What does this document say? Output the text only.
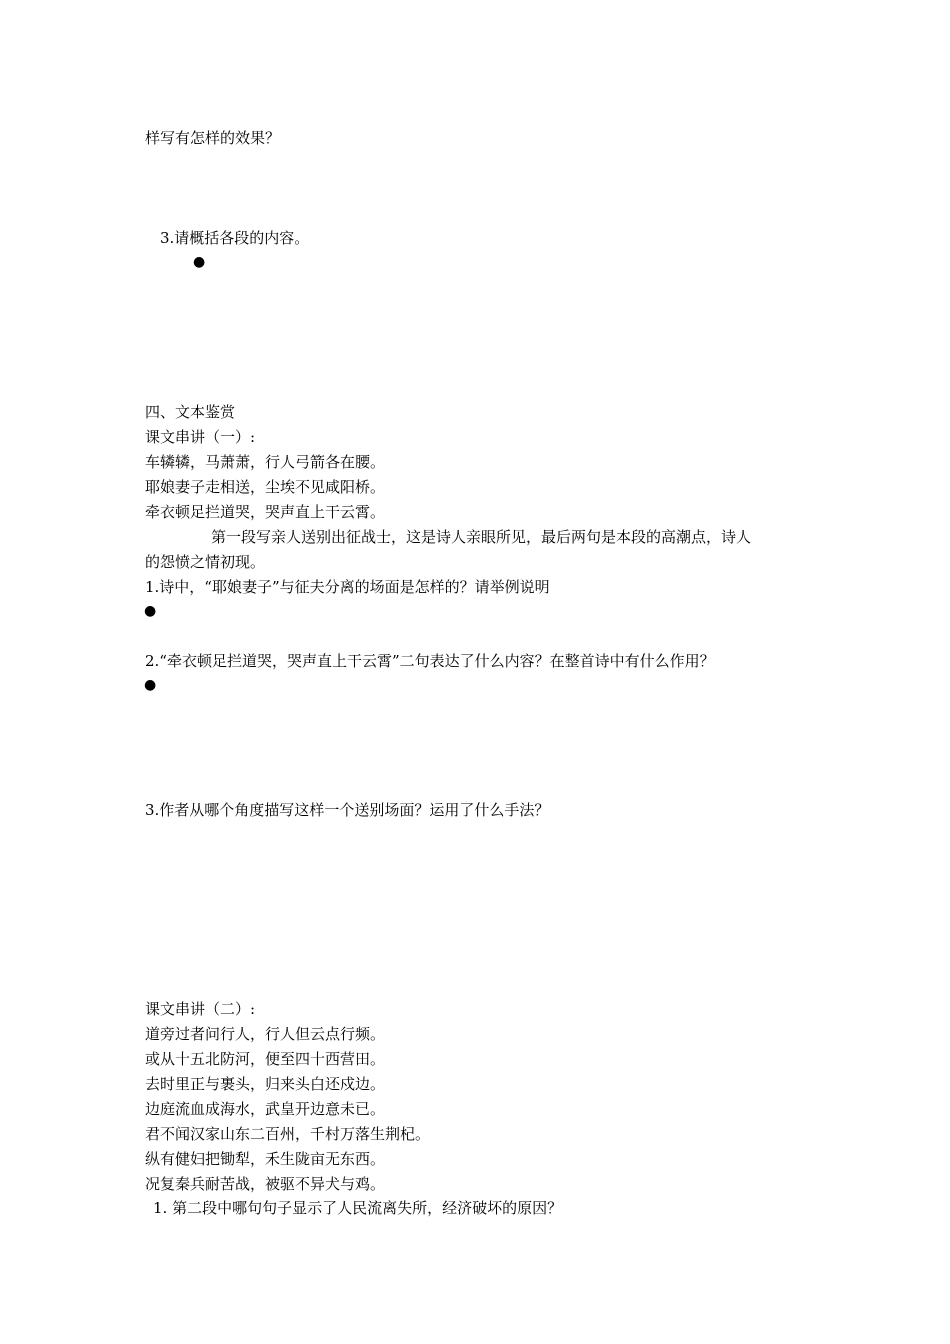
样写有怎样的效果？
3.请概括各段的内容。
●
四、文本鉴赏
课文串讲（一）:
车辚辚，马萧萧，行人弓箭各在腰。
耶娘妻子走相送，尘埃不见咸阳桥。
牵衣顿足拦道哭，哭声直上干云霄。
第一段写亲人送别出征战士，这是诗人亲眼所见，最后两句是本段的高潮点，诗人
的怨愤之情初现。
1.诗中，“耶娘妻子”与征夫分离的场面是怎样的？请举例说明
●
2.“牵衣顿足拦道哭，哭声直上干云霄”二句表达了什么内容？在整首诗中有什么作用？
●
3.作者从哪个角度描写这样一个送别场面？运用了什么手法？
课文串讲（二）:
道旁过者问行人，行人但云点行频。
或从十五北防河，便至四十西营田。
去时里正与裹头，归来头白还戍边。
边庭流血成海水，武皇开边意未已。
君不闻汉家山东二百州，千村万落生荆杞。
纵有健妇把锄犁，禾生陇亩无东西。
况复秦兵耐苦战，被驱不异犬与鸡。
1. 第二段中哪句句子显示了人民流离失所，经济破坏的原因？
